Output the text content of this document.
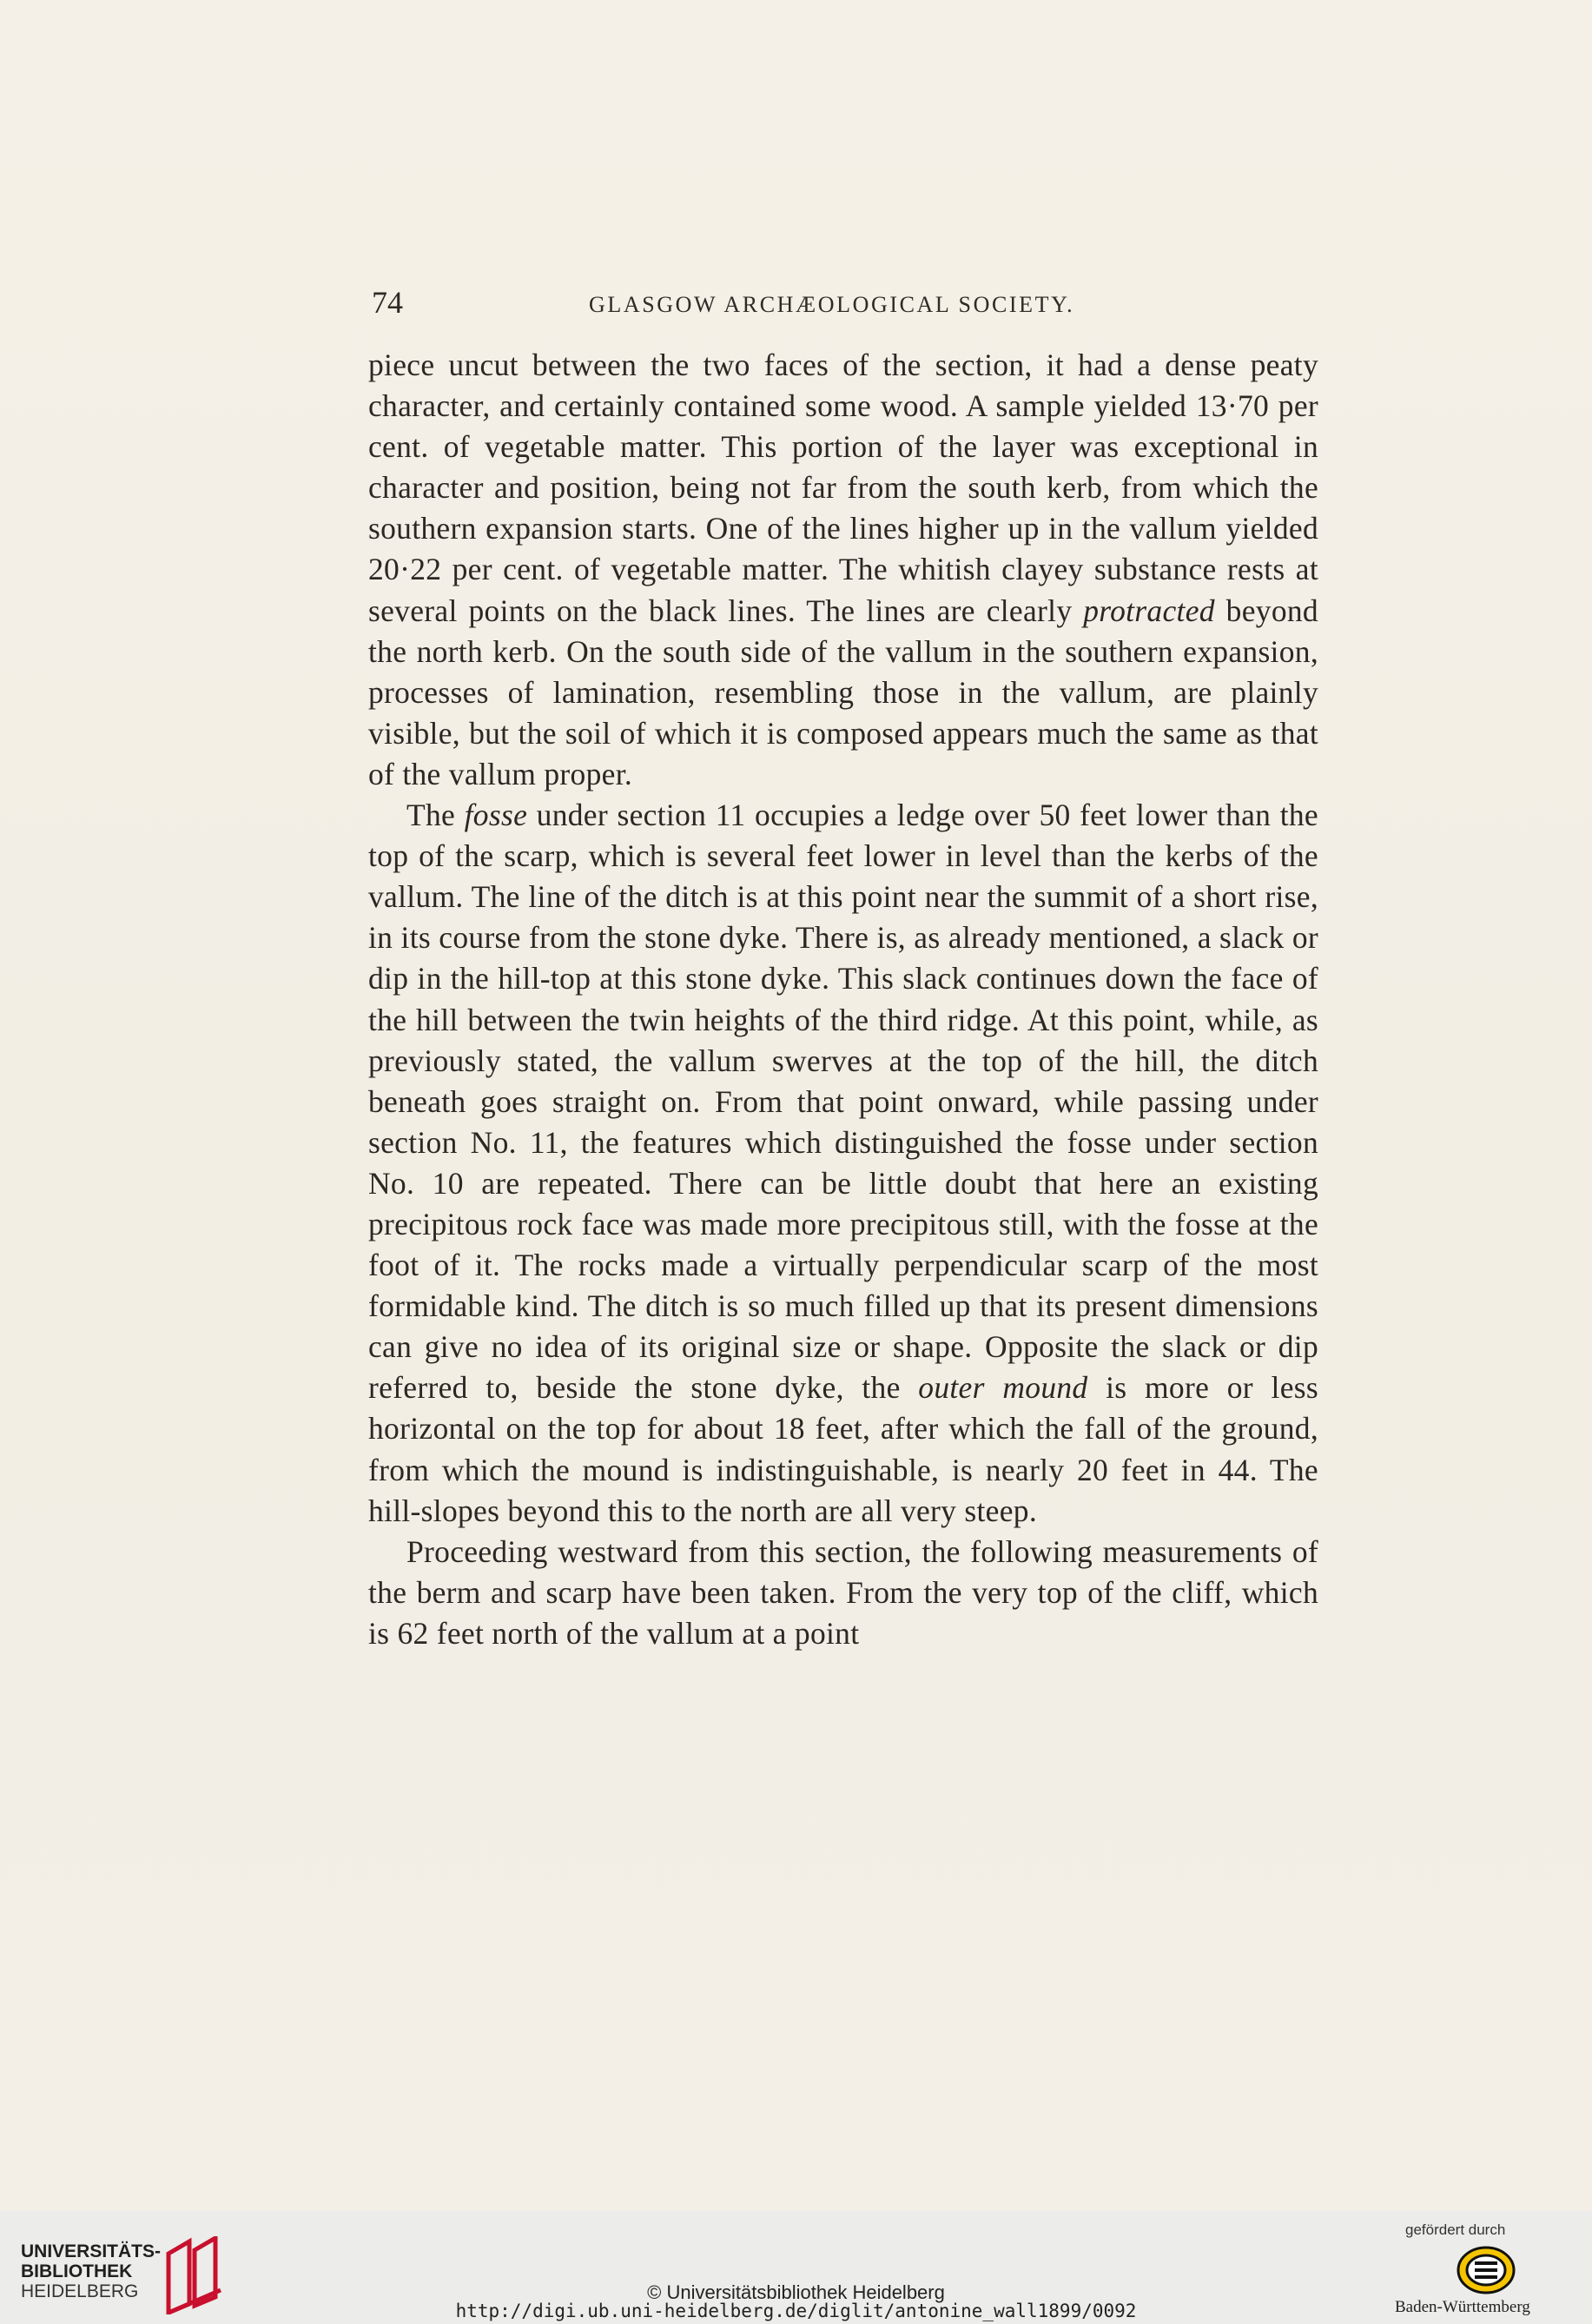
74	GLASGOW ARCHÆOLOGICAL SOCIETY.

piece uncut between the two faces of the section, it had a dense peaty character, and certainly contained some wood. A sample yielded 13·70 per cent. of vegetable matter. This portion of the layer was exceptional in character and position, being not far from the south kerb, from which the southern expansion starts. One of the lines higher up in the vallum yielded 20·22 per cent. of vegetable matter. The whitish clayey substance rests at several points on the black lines. The lines are clearly protracted beyond the north kerb. On the south side of the vallum in the southern expansion, processes of lamination, resembling those in the vallum, are plainly visible, but the soil of which it is composed appears much the same as that of the vallum proper.

The fosse under section 11 occupies a ledge over 50 feet lower than the top of the scarp, which is several feet lower in level than the kerbs of the vallum. The line of the ditch is at this point near the summit of a short rise, in its course from the stone dyke. There is, as already mentioned, a slack or dip in the hill-top at this stone dyke. This slack continues down the face of the hill between the twin heights of the third ridge. At this point, while, as previously stated, the vallum swerves at the top of the hill, the ditch beneath goes straight on. From that point onward, while passing under section No. 11, the features which distinguished the fosse under section No. 10 are repeated. There can be little doubt that here an existing precipitous rock face was made more precipitous still, with the fosse at the foot of it. The rocks made a virtually perpendicular scarp of the most formidable kind. The ditch is so much filled up that its present dimensions can give no idea of its original size or shape. Opposite the slack or dip referred to, beside the stone dyke, the outer mound is more or less horizontal on the top for about 18 feet, after which the fall of the ground, from which the mound is indistinguishable, is nearly 20 feet in 44. The hill-slopes beyond this to the north are all very steep.

Proceeding westward from this section, the following measurements of the berm and scarp have been taken. From the very top of the cliff, which is 62 feet north of the vallum at a point

UNIVERSITÄTS-
BIBLIOTHEK
HEIDELBERG	© Universitätsbibliothek Heidelberg
http://digi.ub.uni-heidelberg.de/diglit/antonine_wall1899/0092
gefördert durch
Baden-Württemberg
